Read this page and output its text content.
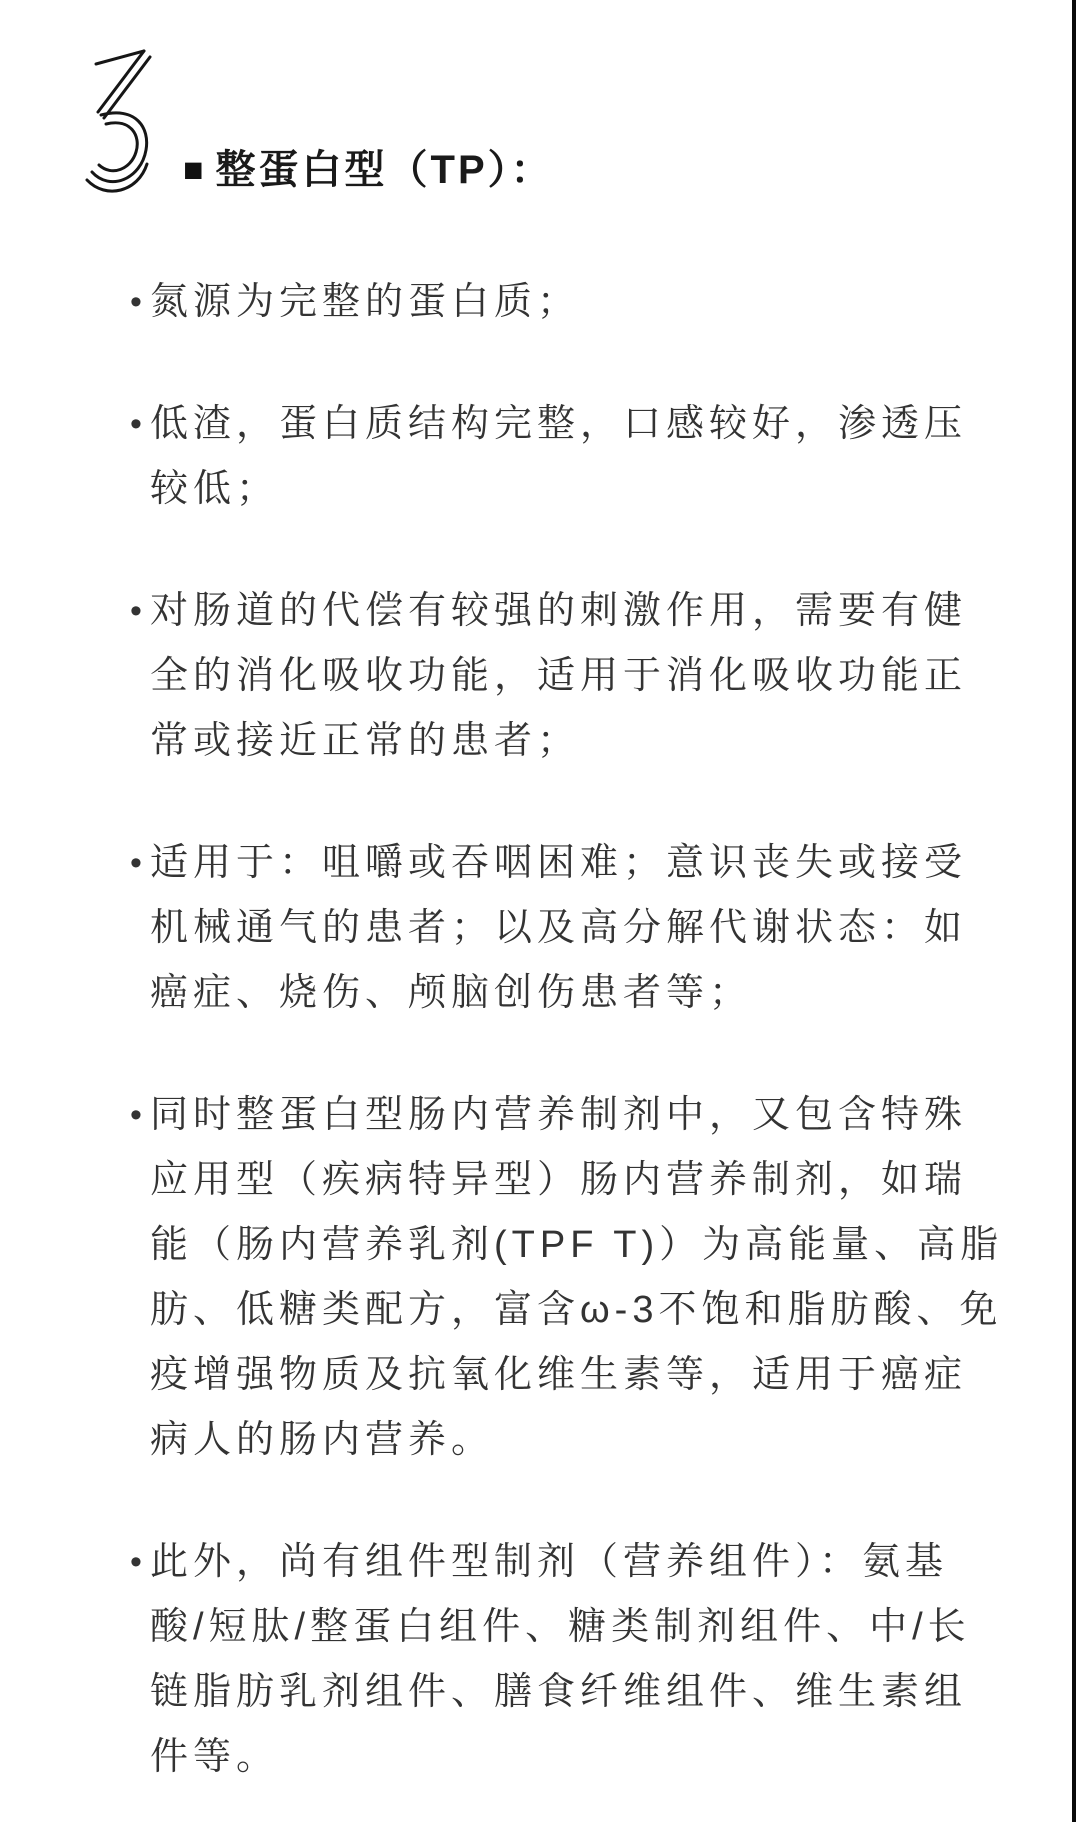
■ 整蛋白型（TP）：
• 氮源为完整的蛋白质；
• 低渣，蛋白质结构完整，口感较好，渗透压较低；
• 对肠道的代偿有较强的刺激作用，需要有健全的消化吸收功能，适用于消化吸收功能正常或接近正常的患者；
• 适用于：咀嚼或吞咽困难；意识丧失或接受机械通气的患者；以及高分解代谢状态：如癌症、烧伤、颅脑创伤患者等；
• 同时整蛋白型肠内营养制剂中，又包含特殊应用型（疾病特异型）肠内营养制剂，如瑞能（肠内营养乳剂(TPF T)）为高能量、高脂肪、低糖类配方，富含ω-3不饱和脂肪酸、免疫增强物质及抗氧化维生素等，适用于癌症病人的肠内营养。
• 此外，尚有组件型制剂（营养组件）：氨基酸/短肽/整蛋白组件、糖类制剂组件、中/长链脂肪乳剂组件、膳食纤维组件、维生素组件等。
